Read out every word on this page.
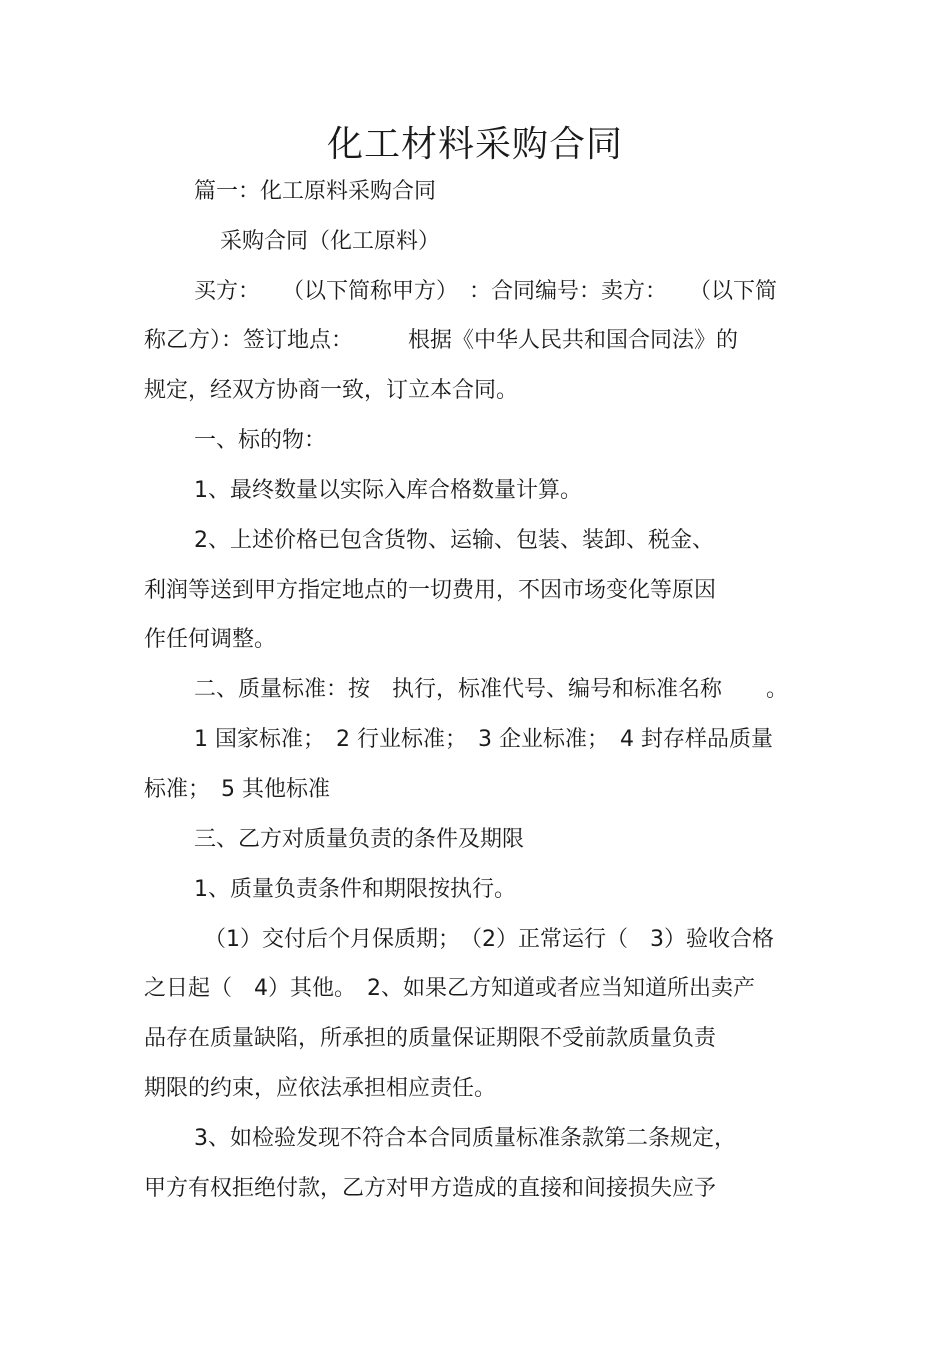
化工材料采购合同

篇一：化工原料采购合同

采购合同（化工原料）

买方：　　（以下简称甲方）　：合同编号：卖方：　　（以下简

称乙方）：签订地点：　　　根据《中华人民共和国合同法》的

规定，经双方协商一致，订立本合同。

一、标的物：

1、最终数量以实际入库合格数量计算。

2、上述价格已包含货物、运输、包装、装卸、税金、

利润等送到甲方指定地点的一切费用，不因市场变化等原因

作任何调整。

二、质量标准：按　执行，标准代号、编号和标准名称　　。

1 国家标准；　2 行业标准；　3 企业标准；　4 封存样品质量

标准；　5 其他标准

三、乙方对质量负责的条件及期限

1、质量负责条件和期限按执行。

（1）交付后个月保质期；　（2）正常运行（　3）验收合格

之日起（　4）其他。　2、如果乙方知道或者应当知道所出卖产

品存在质量缺陷，所承担的质量保证期限不受前款质量负责

期限的约束，应依法承担相应责任。

3、如检验发现不符合本合同质量标准条款第二条规定，

甲方有权拒绝付款，乙方对甲方造成的直接和间接损失应予
